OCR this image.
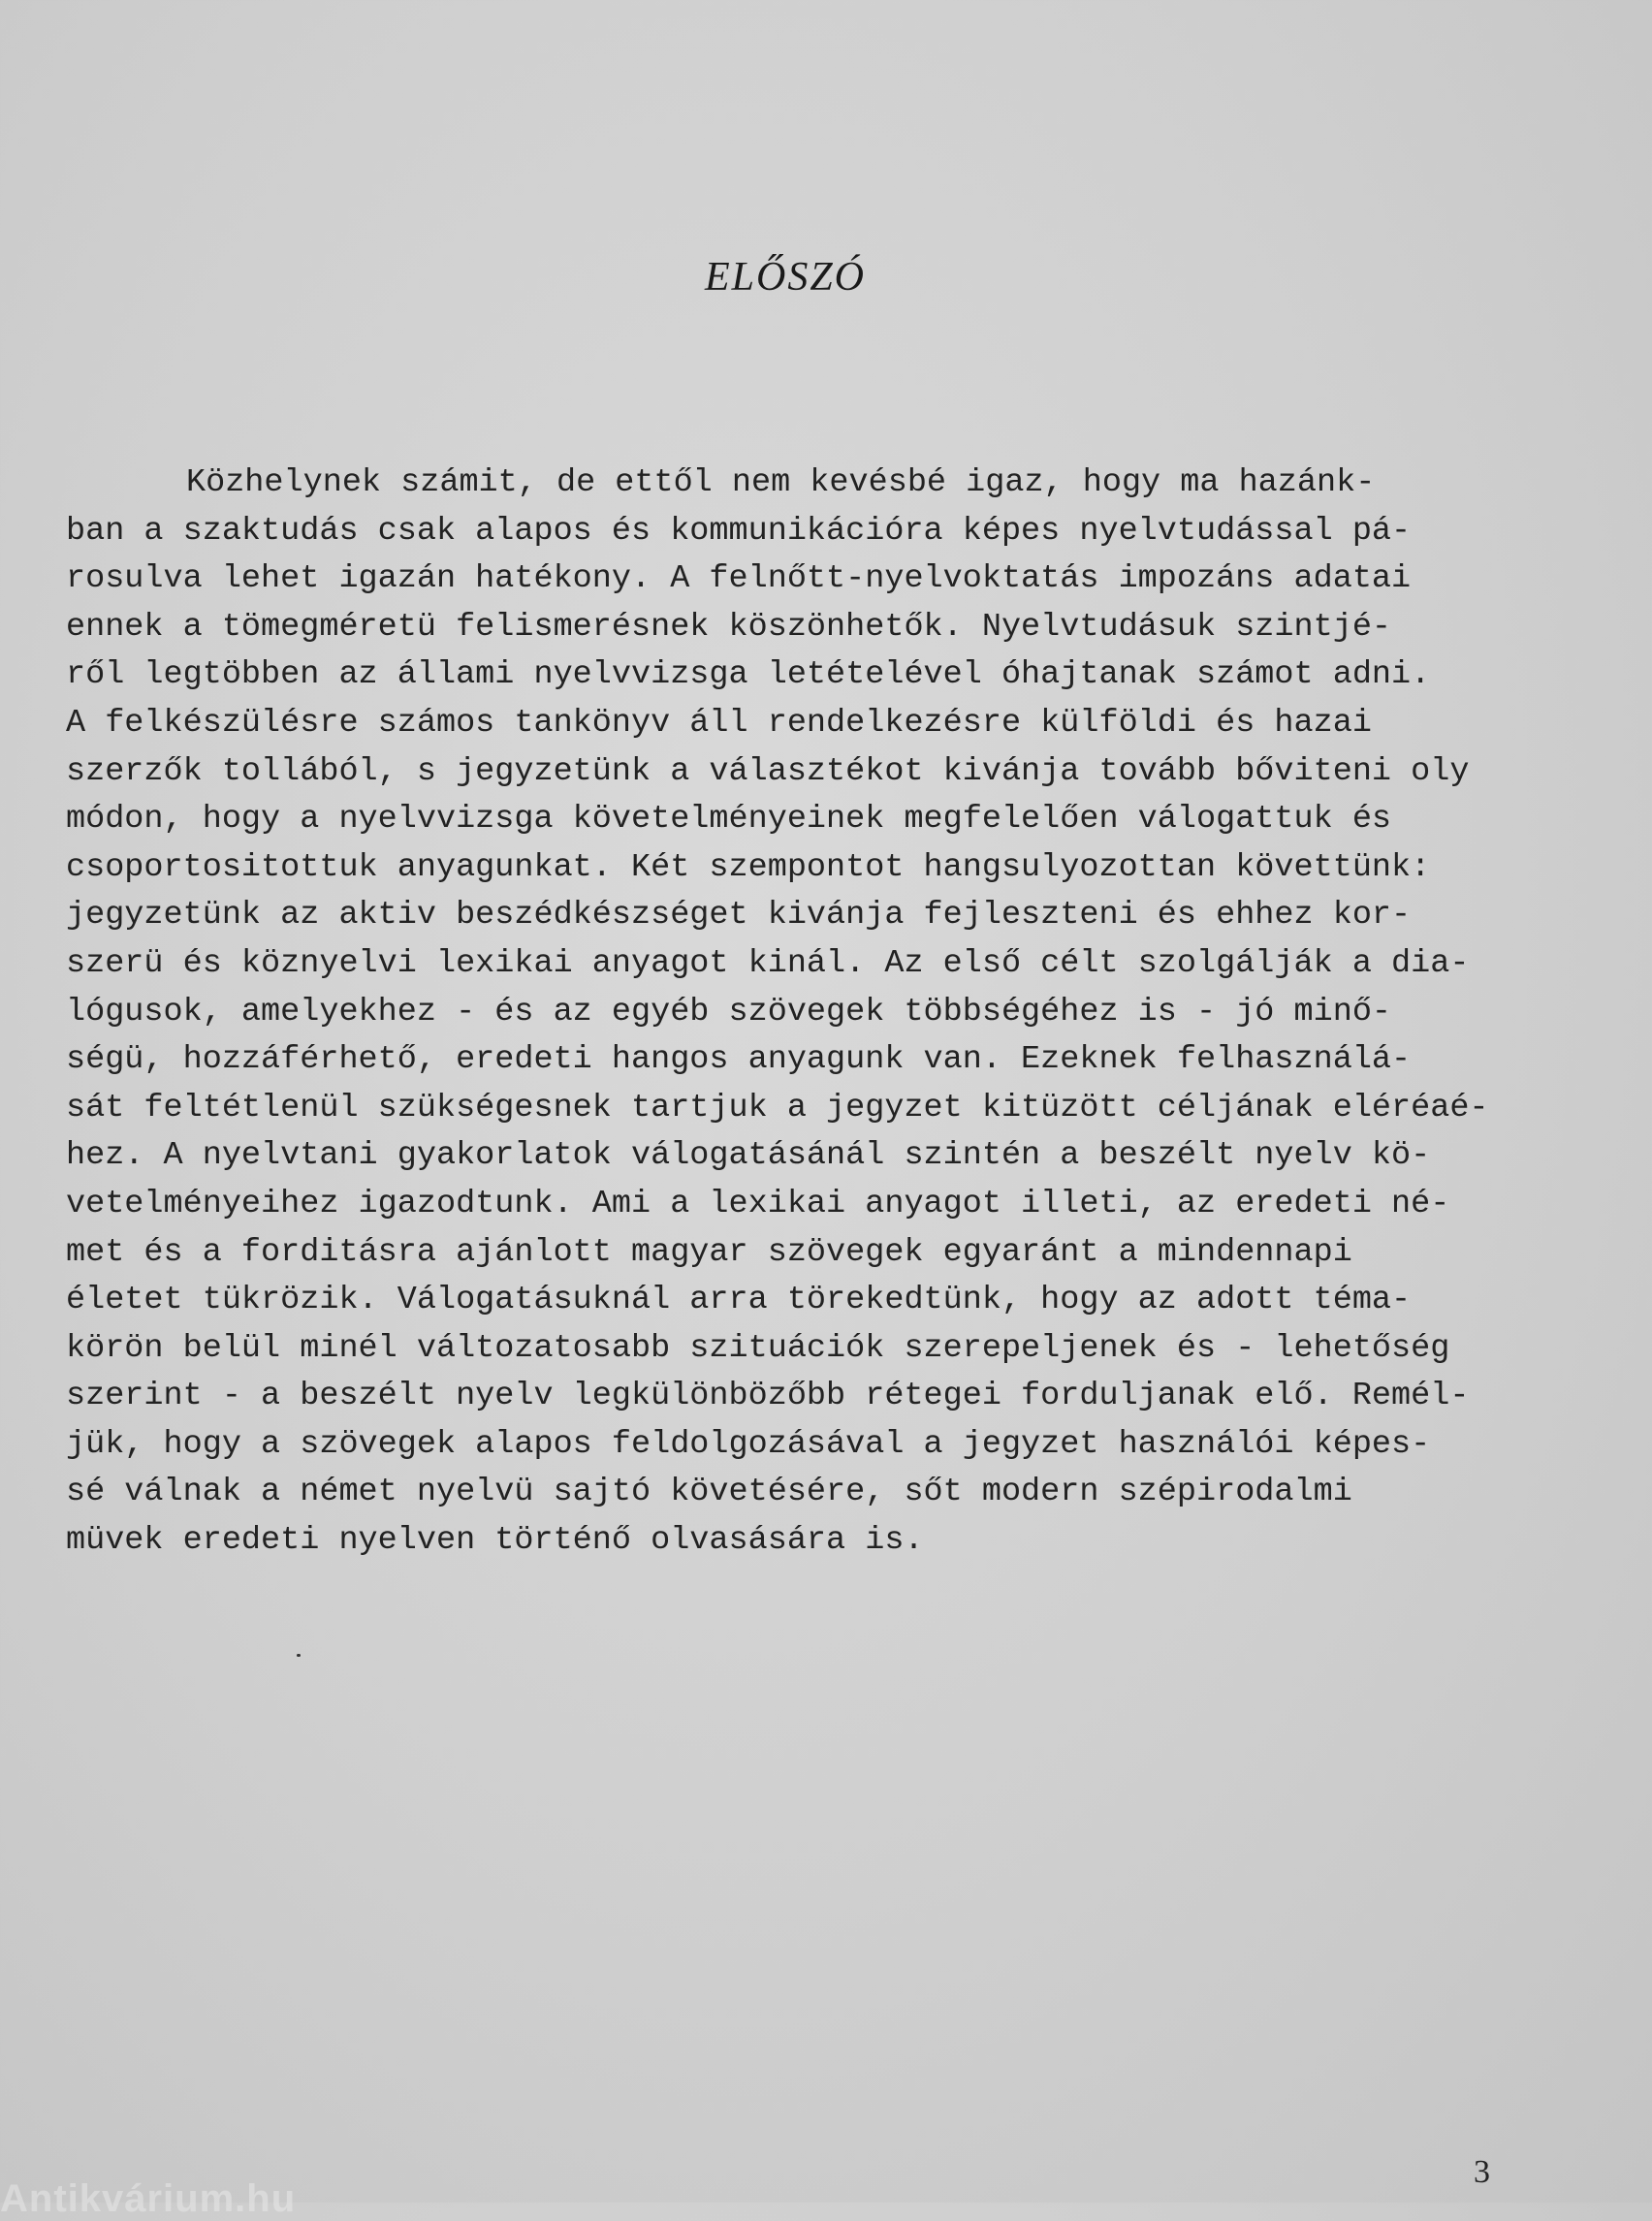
ELŐSZÓ
Közhelynek számit, de ettől nem kevésbé igaz, hogy ma hazánk-
ban a szaktudás csak alapos és kommunikációra képes nyelvtudással pá-
rosulva lehet igazán hatékony. A felnőtt-nyelvoktatás impozáns adatai
ennek a tömegméretü felismerésnek köszönhetők. Nyelvtudásuk szintjé-
ről legtöbben az állami nyelvvizsga letételével óhajtanak számot adni.
A felkészülésre számos tankönyv áll rendelkezésre külföldi és hazai
szerzők tollából, s jegyzetünk a választékot kivánja tovább bőviteni oly
módon, hogy a nyelvvizsga követelményeinek megfelelően válogattuk és
csoportositottuk anyagunkat. Két szempontot hangsulyozottan követtünk:
jegyzetünk az aktiv beszédkészséget kivánja fejleszteni és ehhez kor-
szerü és köznyelvi lexikai anyagot kinál. Az első célt szolgálják a dia-
lógusok, amelyekhez - és az egyéb szövegek többségéhez is - jó minő-
ségü, hozzáférhető, eredeti hangos anyagunk van. Ezeknek felhasználá-
sát feltétlenül szükségesnek tartjuk a jegyzet kitüzött céljának eléréaé-
hez. A nyelvtani gyakorlatok válogatásánál szintén a beszélt nyelv kö-
vetelményeihez igazodtunk. Ami a lexikai anyagot illeti, az eredeti né-
met és a forditásra ajánlott magyar szövegek egyaránt a mindennapi
életet tükrözik. Válogatásuknál arra törekedtünk, hogy az adott téma-
körön belül minél változatosabb szituációk szerepeljenek és - lehetőség
szerint - a beszélt nyelv legkülönbözőbb rétegei forduljanak elő. Remél-
jük, hogy a szövegek alapos feldolgozásával a jegyzet használói képes-
sé válnak a német nyelvü sajtó követésére, sőt modern szépirodalmi
müvek eredeti nyelven történő olvasására is.
3
Antikvárium.hu
